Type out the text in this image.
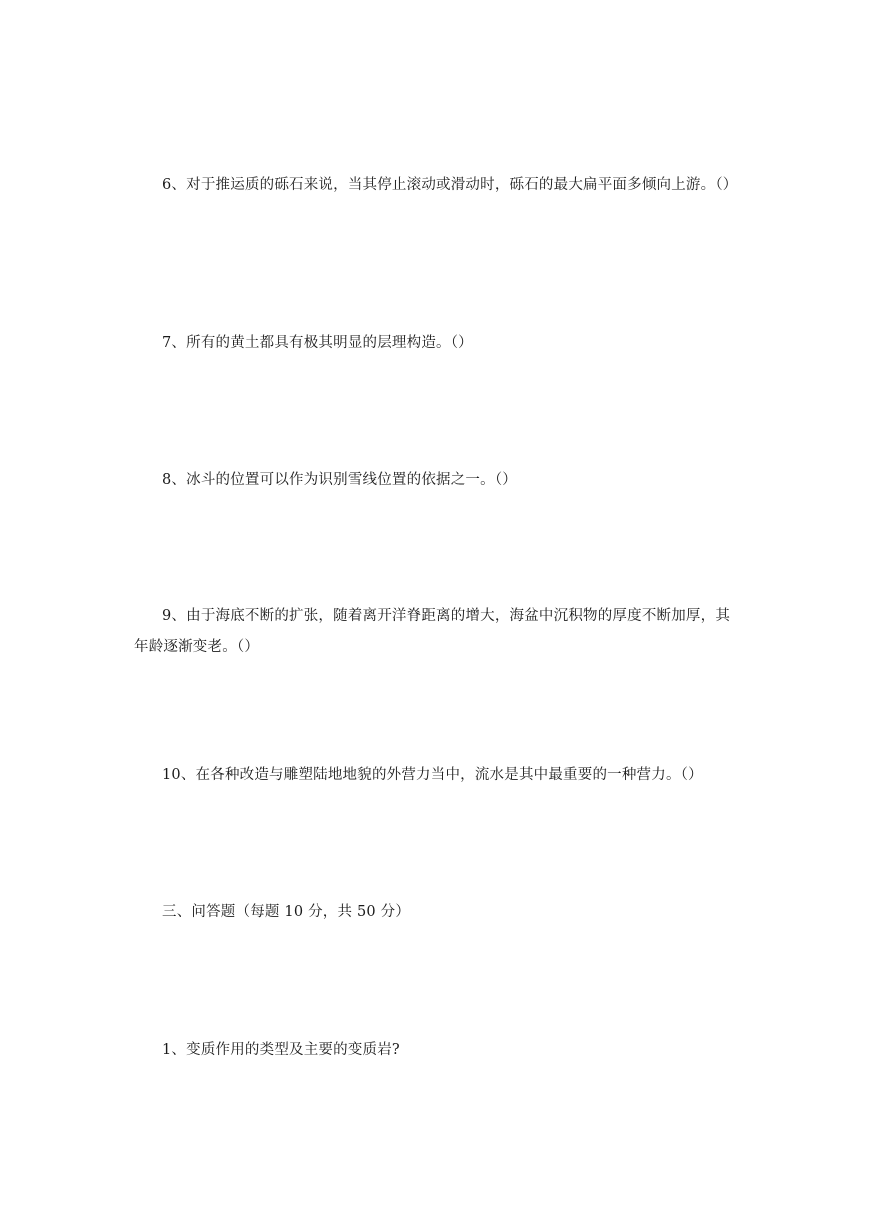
6、对于推运质的砾石来说，当其停止滚动或滑动时，砾石的最大扁平面多倾向上游。（）

7、所有的黄土都具有极其明显的层理构造。（）

8、冰斗的位置可以作为识别雪线位置的依据之一。（）

9、由于海底不断的扩张，随着离开洋脊距离的增大，海盆中沉积物的厚度不断加厚，其年龄逐渐变老。（）

10、在各种改造与雕塑陆地地貌的外营力当中，流水是其中最重要的一种营力。（）

三、问答题（每题 10 分，共 50 分）

1、变质作用的类型及主要的变质岩?
